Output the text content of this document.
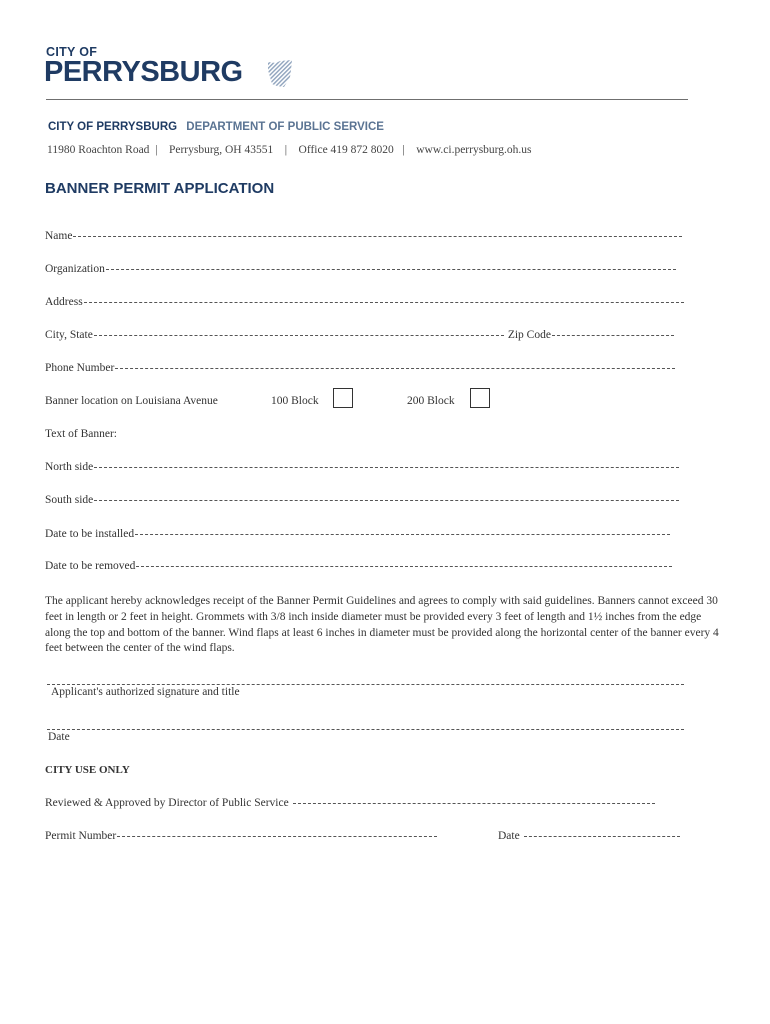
CITY OF
PERRYSBURG
CITY OF PERRYSBURG DEPARTMENT OF PUBLIC SERVICE
11980 Roachton Road  |    Perrysburg, OH 43551    |    Office 419 872 8020   |    www.ci.perrysburg.oh.us
BANNER PERMIT APPLICATION
Name
Organization
Address
City, State	Zip Code
Phone Number
Banner location on Louisiana Avenue	100 Block	200 Block
Text of Banner:
North side
South side
Date to be installed
Date to be removed
The applicant hereby acknowledges receipt of the Banner Permit Guidelines and agrees to comply with said guidelines. Banners cannot exceed 30 feet in length or 2 feet in height. Grommets with 3/8 inch inside diameter must be provided every 3 feet of length and 1½ inches from the edge along the top and bottom of the banner. Wind flaps at least 6 inches in diameter must be provided along the horizontal center of the banner every 4 feet between the center of the wind flaps.
Applicant's authorized signature and title
Date
CITY USE ONLY
Reviewed & Approved by Director of Public Service
Permit Number	Date
